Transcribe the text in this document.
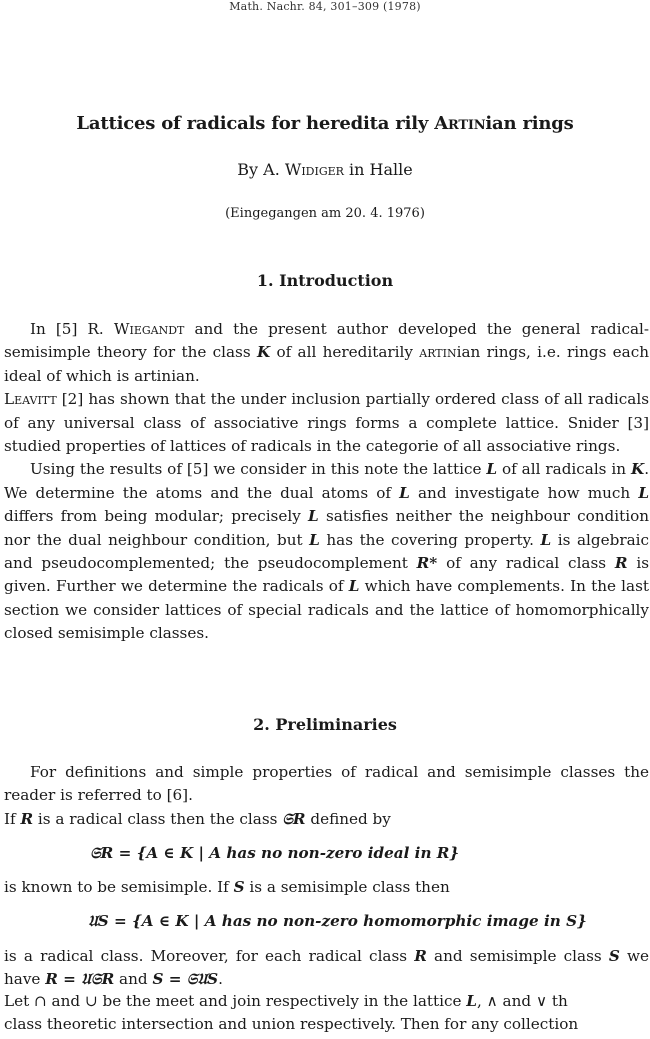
Math. Nachr. 84, 301–309 (1978)
Lattices of radicals for heredita rily Artinian rings
By A. Widiger in Halle
(Eingegangen am 20. 4. 1976)
1. Introduction

In [5] R. Wiegandt and the present author developed the general radical-semisimple theory for the class K of all hereditarily artinian rings, i.e. rings each ideal of which is artinian.

Leavitt [2] has shown that the under inclusion partially ordered class of all radicals of any universal class of associative rings forms a complete lattice. Snider [3] studied properties of lattices of radicals in the categorie of all associative rings.

Using the results of [5] we consider in this note the lattice L of all radicals in K. We determine the atoms and the dual atoms of L and investigate how much L differs from being modular; precisely L satisfies neither the neighbour condition nor the dual neighbour condition, but L has the covering property. L is algebraic and pseudocomplemented; the pseudocomplement R* of any radical class R is given. Further we determine the radicals of L which have complements. In the last section we consider lattices of special radicals and the lattice of homomorphically closed semisimple classes.

2. Preliminaries

For definitions and simple properties of radical and semisimple classes the reader is referred to [6].

If R is a radical class then the class 𝔖R defined by

𝔖R = {A ∈ K | A has no non-zero ideal in R}

is known to be semisimple. If S is a semisimple class then

𝔘S = {A ∈ K | A has no non-zero homomorphic image in S}

is a radical class. Moreover, for each radical class R and semisimple class S we have R = 𝔘𝔖R and S = 𝔖𝔘S.

Let ∩ and ∪ be the meet and join respectively in the lattice L, ∧ and ∨ th
class theoretic intersection and union respectively. Then for any collection
